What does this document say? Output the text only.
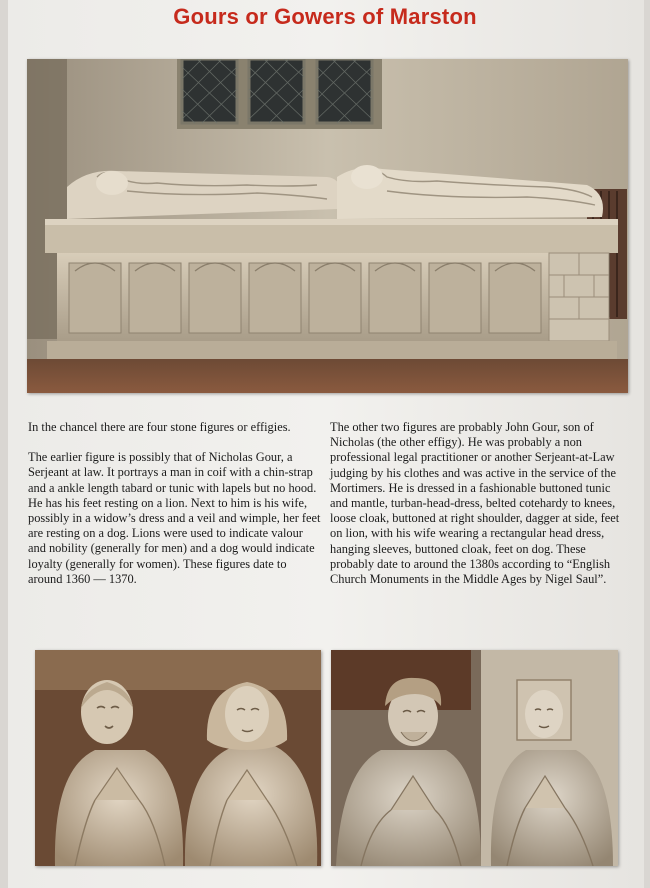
Gours or Gowers of Marston

In the chancel there are four stone figures or effigies.

The earlier figure is possibly that of Nicholas Gour, a Serjeant at law. It portrays a man in coif with a chin-strap and a ankle length tabard or tunic with lapels but no hood. He has his feet resting on a lion. Next to him is his wife, possibly in a widow’s dress and a veil and wimple, her feet are resting on a dog. Lions were used to indicate valour and nobility (generally for men) and a dog would indicate loyalty (generally for women). These figures date to around 1360 — 1370.

The other two figures are probably John Gour, son of Nicholas (the other effigy). He was probably a non professional legal practitioner or another Serjeant-at-Law judging by his clothes and was active in the service of the Mortimers. He is dressed in a fashionable buttoned tunic and mantle, turban-head-dress, belted cotehardy to knees, loose cloak, buttoned at right shoulder, dagger at side, feet on lion, with his wife wearing a rectangular head dress, hanging sleeves, buttoned cloak, feet on dog. These probably date to around the 1380s according to “English Church Monuments in the Middle Ages by Nigel Saul”.
